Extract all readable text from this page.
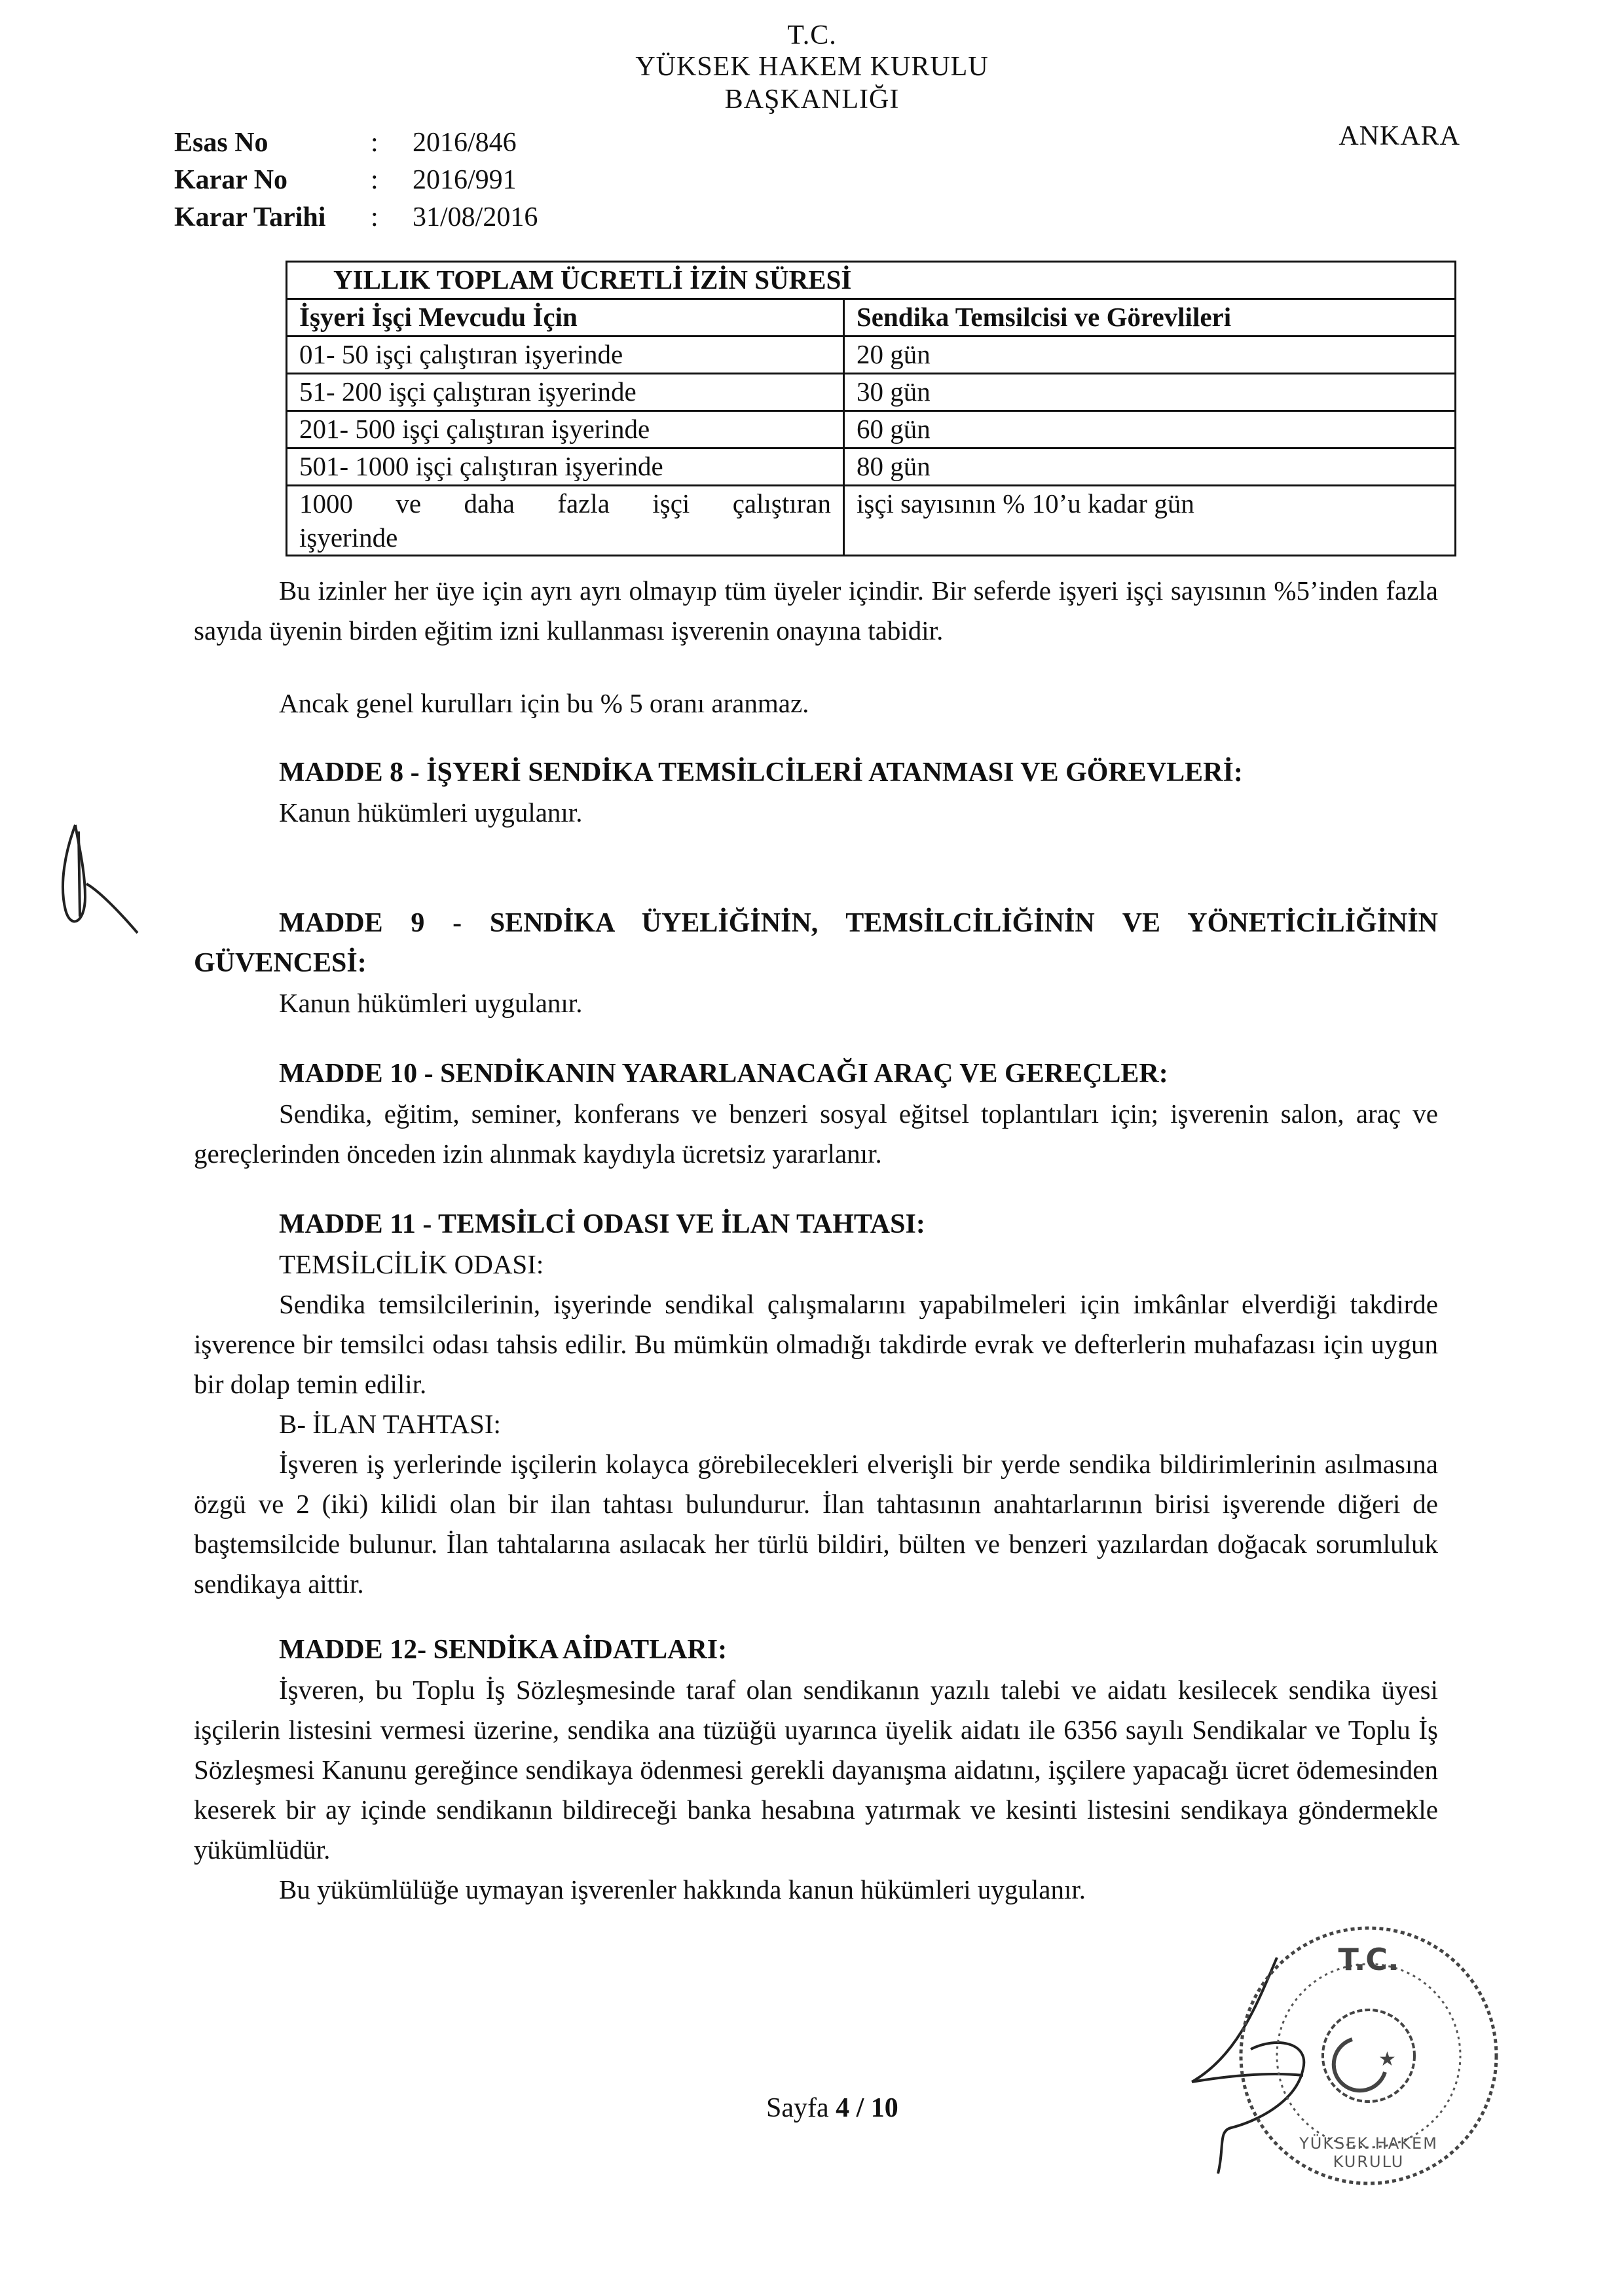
T.C.
YÜKSEK HAKEM KURULU
BAŞKANLIĞI
ANKARA
Esas No	: 2016/846
Karar No	: 2016/991
Karar Tarihi : 31/08/2016
YILLIK TOPLAM ÜCRETLİ İZİN SÜRESİ	
İşyeri İşçi Mevcudu İçin	Sendika Temsilcisi ve Görevlileri
01- 50 işçi çalıştıran işyerinde	20 gün
51- 200 işçi çalıştıran işyerinde	30 gün
201- 500 işçi çalıştıran işyerinde	60 gün
501- 1000 işçi çalıştıran işyerinde	80 gün

1000 ve daha fazla işçi çalıştıran
işyerinde	işçi sayısının % 10’u kadar gün
Bu izinler her üye için ayrı ayrı olmayıp tüm üyeler içindir. Bir seferde işyeri işçi sayısının %5’inden fazla sayıda üyenin birden eğitim izni kullanması işverenin onayına tabidir.
Ancak genel kurulları için bu % 5 oranı aranmaz.
MADDE 8 - İŞYERİ SENDİKA TEMSİLCİLERİ ATANMASI VE GÖREVLERİ:
Kanun hükümleri uygulanır.
MADDE 9 - SENDİKA ÜYELİĞİNİN, TEMSİLCİLİĞİNİN VE YÖNETİCİLİĞİNİN GÜVENCESİ:
Kanun hükümleri uygulanır.
MADDE 10 - SENDİKANIN YARARLANACAĞI ARAÇ VE GEREÇLER:
Sendika, eğitim, seminer, konferans ve benzeri sosyal eğitsel toplantıları için; işverenin salon, araç ve gereçlerinden önceden izin alınmak kaydıyla ücretsiz yararlanır.
MADDE 11 - TEMSİLCİ ODASI VE İLAN TAHTASI:
TEMSİLCİLİK ODASI:
Sendika temsilcilerinin, işyerinde sendikal çalışmalarını yapabilmeleri için imkânlar elverdiği takdirde işverence bir temsilci odası tahsis edilir. Bu mümkün olmadığı takdirde evrak ve defterlerin muhafazası için uygun bir dolap temin edilir.
B- İLAN TAHTASI:
İşveren iş yerlerinde işçilerin kolayca görebilecekleri elverişli bir yerde sendika bildirimlerinin asılmasına özgü ve 2 (iki) kilidi olan bir ilan tahtası bulundurur. İlan tahtasının anahtarlarının birisi işverende diğeri de baştemsilcide bulunur. İlan tahtalarına asılacak her türlü bildiri, bülten ve benzeri yazılardan doğacak sorumluluk sendikaya aittir.
MADDE 12- SENDİKA AİDATLARI:
İşveren, bu Toplu İş Sözleşmesinde taraf olan sendikanın yazılı talebi ve aidatı kesilecek sendika üyesi işçilerin listesini vermesi üzerine, sendika ana tüzüğü uyarınca üyelik aidatı ile 6356 sayılı Sendikalar ve Toplu İş Sözleşmesi Kanunu gereğince sendikaya ödenmesi gerekli dayanışma aidatını, işçilere yapacağı ücret ödemesinden keserek bir ay içinde sendikanın bildireceği banka hesabına yatırmak ve kesinti listesini sendikaya göndermekle yükümlüdür.
Bu yükümlülüğe uymayan işverenler hakkında kanun hükümleri uygulanır.
★
T.C.
YÜKSEK HAKEM KURULU
Sayfa 4 / 10
